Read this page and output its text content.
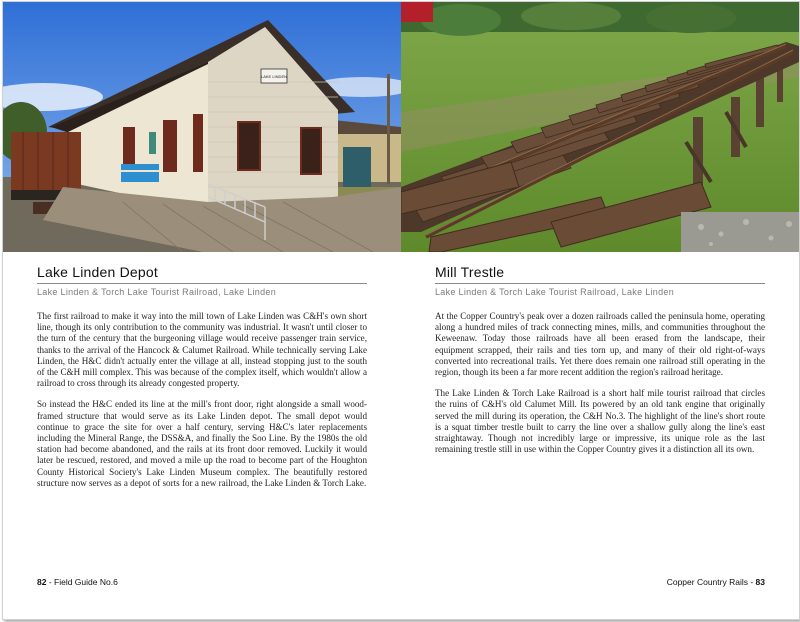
LAKE LINDEN
Lake Linden Depot
Lake Linden & Torch Lake Tourist Railroad, Lake Linden

The first railroad to make it way into the mill town of Lake Linden was C&H's own short line, though its only contribution to the community was industrial. It wasn't until closer to the turn of the century that the burgeoning village would receive passenger train service, thanks to the arrival of the Hancock & Calumet Railroad. While technically serving Lake Linden, the H&C didn't actually enter the village at all, instead stopping just to the south of the C&H mill complex. This was because of the complex itself, which wouldn't allow a railroad to cross through its already congested property.

So instead the H&C ended its line at the mill's front door, right alongside a small wood-framed structure that would serve as its Lake Linden depot. The small depot would continue to grace the site for over a half century, serving H&C's later replacements including the Mineral Range, the DSS&A, and finally the Soo Line. By the 1980s the old station had become abandoned, and the rails at its front door removed. Luckily it would later be rescued, restored, and moved a mile up the road to become part of the Houghton County Historical Society's Lake Linden Museum complex. The beautifully restored structure now serves as a depot of sorts for a new railroad, the Lake Linden & Torch Lake.

82 - Field Guide No.6
Mill Trestle
Lake Linden & Torch Lake Tourist Railroad, Lake Linden

At the Copper Country's peak over a dozen railroads called the peninsula home, operating along a hundred miles of track connecting mines, mills, and communities throughout the Keweenaw. Today those railroads have all been erased from the landscape, their equipment scrapped, their rails and ties torn up, and many of their old right-of-ways converted into recreational trails. Yet there does remain one railroad still operating in the region, though its been a far more recent addition the region's railroad heritage.

The Lake Linden & Torch Lake Railroad is a short half mile tourist railroad that circles the ruins of C&H's old Calumet Mill. Its powered by an old tank engine that originally served the mill during its operation, the C&H No.3. The highlight of the line's short route is a squat timber trestle built to carry the line over a shallow gully along the line's east straightaway. Though not incredibly large or impressive, its unique role as the last remaining trestle still in use within the Copper Country gives it a distinction all its own.

Copper Country Rails - 83
